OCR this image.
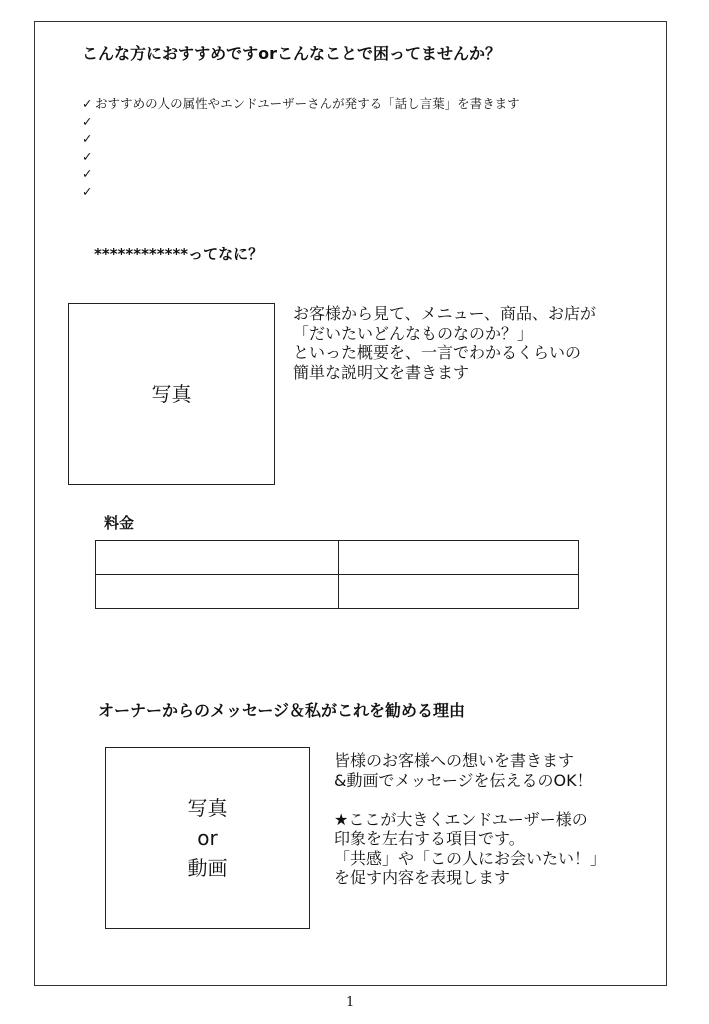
こんな方におすすめですorこんなことで困ってませんか？
✓ おすすめの人の属性やエンドユーザーさんが発する「話し言葉」を書きます
✓
✓
✓
✓
✓
************ってなに？
写真
お客様から見て、メニュー、商品、お店が
「だいたいどんなものなのか？」
といった概要を、一言でわかるくらいの
簡単な説明文を書きます
料金

オーナーからのメッセージ＆私がこれを勧める理由
写真
or
動画
皆様のお客様への想いを書きます
&動画でメッセージを伝えるのOK！
★ここが大きくエンドユーザー様の
印象を左右する項目です。
「共感」や「この人にお会いたい！」
を促す内容を表現します
1
